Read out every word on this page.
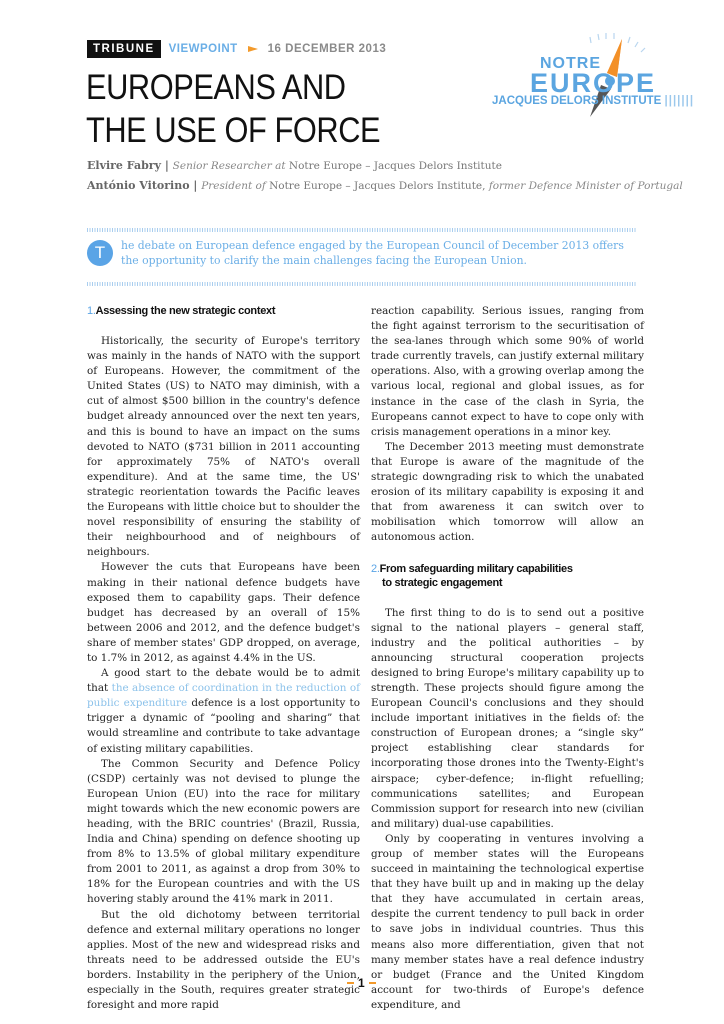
TRIBUNE	VIEWPOINT	16 DECEMBER 2013
EUROPEANS AND
THE USE OF FORCE
NOTRE
EUROPE
JACQUES DELORS INSTITUTE |||||||
Elvire Fabry | Senior Researcher at Notre Europe – Jacques Delors Institute
António Vitorino | President of Notre Europe – Jacques Delors Institute, former Defence Minister of Portugal
T	he debate on European defence engaged by the European Council of December 2013 offers the opportunity to clarify the main challenges facing the European Union.
1.Assessing the new strategic context

Historically, the security of Europe's territory was mainly in the hands of NATO with the support of Europeans. However, the commitment of the United States (US) to NATO may diminish, with a cut of almost $500 billion in the country's defence budget already announced over the next ten years, and this is bound to have an impact on the sums devoted to NATO ($731 billion in 2011 accounting for approximately 75% of NATO's overall expenditure). And at the same time, the US' strategic reorientation towards the Pacific leaves the Europeans with little choice but to shoulder the novel responsibility of ensuring the stability of their neighbourhood and of neighbours of neighbours.

However the cuts that Europeans have been making in their national defence budgets have exposed them to capability gaps. Their defence budget has decreased by an overall of 15% between 2006 and 2012, and the defence budget's share of member states' GDP dropped, on average, to 1.7% in 2012, as against 4.4% in the US.

A good start to the debate would be to admit that the absence of coordination in the reduction of public expenditure defence is a lost opportunity to trigger a dynamic of “pooling and sharing” that would streamline and contribute to take advantage of existing military capabilities.

The Common Security and Defence Policy (CSDP) certainly was not devised to plunge the European Union (EU) into the race for military might towards which the new economic powers are heading, with the BRIC countries' (Brazil, Russia, India and China) spending on defence shooting up from 8% to 13.5% of global military expenditure from 2001 to 2011, as against a drop from 30% to 18% for the European countries and with the US hovering stably around the 41% mark in 2011.

But the old dichotomy between territorial defence and external military operations no longer applies. Most of the new and widespread risks and threats need to be addressed outside the EU's borders. Instability in the periphery of the Union, especially in the South, requires greater strategic foresight and more rapid

reaction capability. Serious issues, ranging from the fight against terrorism to the securitisation of the sea-lanes through which some 90% of world trade currently travels, can justify external military operations. Also, with a growing overlap among the various local, regional and global issues, as for instance in the case of the clash in Syria, the Europeans cannot expect to have to cope only with crisis management operations in a minor key.

The December 2013 meeting must demonstrate that Europe is aware of the magnitude of the strategic downgrading risk to which the unabated erosion of its military capability is exposing it and that from awareness it can switch over to mobilisation which tomorrow will allow an autonomous action.

2.From safeguarding military capabilities
to strategic engagement

The first thing to do is to send out a positive signal to the national players – general staff, industry and the political authorities – by announcing structural cooperation projects designed to bring Europe's military capability up to strength. These projects should figure among the European Council's conclusions and they should include important initiatives in the fields of: the construction of European drones; a “single sky” project establishing clear standards for incorporating those drones into the Twenty-Eight's airspace; cyber-defence; in-flight refuelling; communications satellites; and European Commission support for research into new (civilian and military) dual-use capabilities.

Only by cooperating in ventures involving a group of member states will the Europeans succeed in maintaining the technological expertise that they have built up and in making up the delay that they have accumulated in certain areas, despite the current tendency to pull back in order to save jobs in individual countries. Thus this means also more differentiation, given that not many member states have a real defence industry or budget (France and the United Kingdom account for two-thirds of Europe's defence expenditure, and

1
